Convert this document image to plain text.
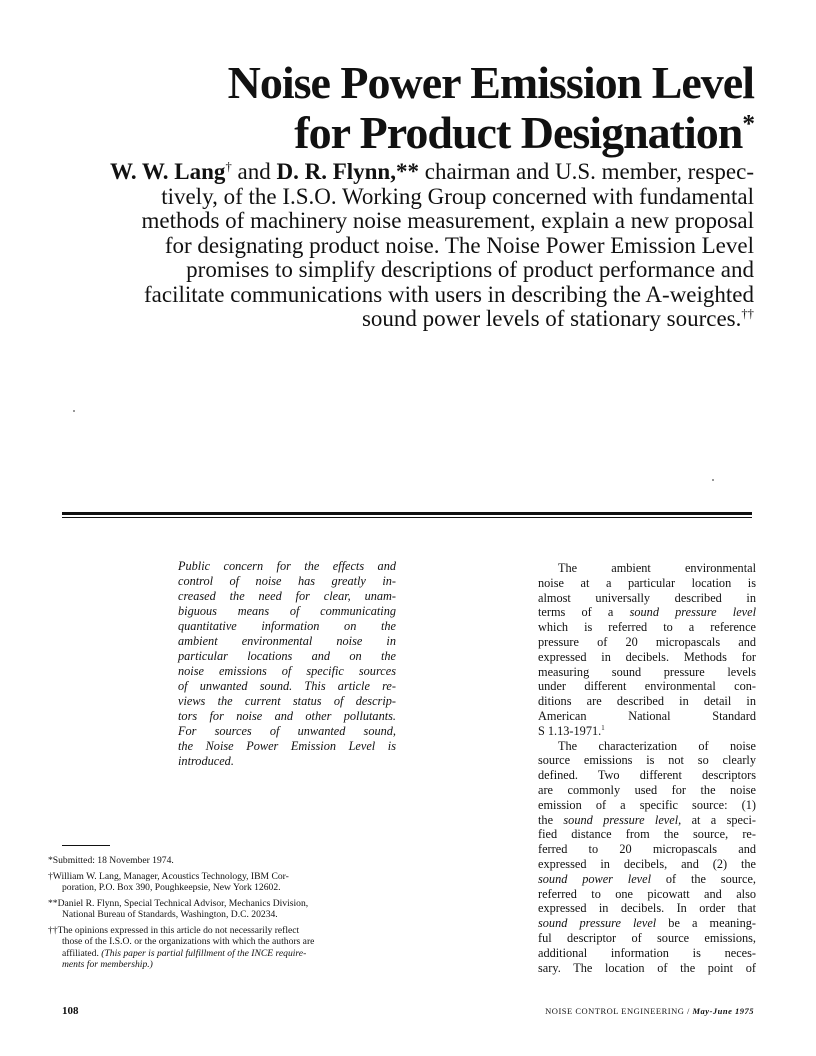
Noise Power Emission Level
for Product Designation*
W. W. Lang† and D. R. Flynn,** chairman and U.S. member, respec-
tively, of the I.S.O. Working Group concerned with fundamental
methods of machinery noise measurement, explain a new proposal
for designating product noise. The Noise Power Emission Level
promises to simplify descriptions of product performance and
facilitate communications with users in describing the A-weighted
sound power levels of stationary sources.††
Public concern for the effects and
control of noise has greatly in-
creased the need for clear, unam-
biguous means of communicating
quantitative information on the
ambient environmental noise in
particular locations and on the
noise emissions of specific sources
of unwanted sound. This article re-
views the current status of descrip-
tors for noise and other pollutants.
For sources of unwanted sound,
the Noise Power Emission Level is
introduced.
The ambient environmental
noise at a particular location is
almost universally described in
terms of a sound pressure level
which is referred to a reference
pressure of 20 micropascals and
expressed in decibels. Methods for
measuring sound pressure levels
under different environmental con-
ditions are described in detail in
American National Standard
S 1.13-1971.$^1$
The characterization of noise
source emissions is not so clearly
defined. Two different descriptors
are commonly used for the noise
emission of a specific source: (1)
the sound pressure level, at a speci-
fied distance from the source, re-
ferred to 20 micropascals and
expressed in decibels, and (2) the
sound power level of the source,
referred to one picowatt and also
expressed in decibels. In order that
sound pressure level be a meaning-
ful descriptor of source emissions,
additional information is neces-
sary. The location of the point of
*Submitted: 18 November 1974.
†William W. Lang, Manager, Acoustics Technology, IBM Cor-
poration, P.O. Box 390, Poughkeepsie, New York 12602.
**Daniel R. Flynn, Special Technical Advisor, Mechanics Division,
National Bureau of Standards, Washington, D.C. 20234.
††The opinions expressed in this article do not necessarily reflect
those of the I.S.O. or the organizations with which the authors are
affiliated. (This paper is partial fulfillment of the INCE require-
ments for membership.)
108	NOISE CONTROL ENGINEERING / May-June 1975
